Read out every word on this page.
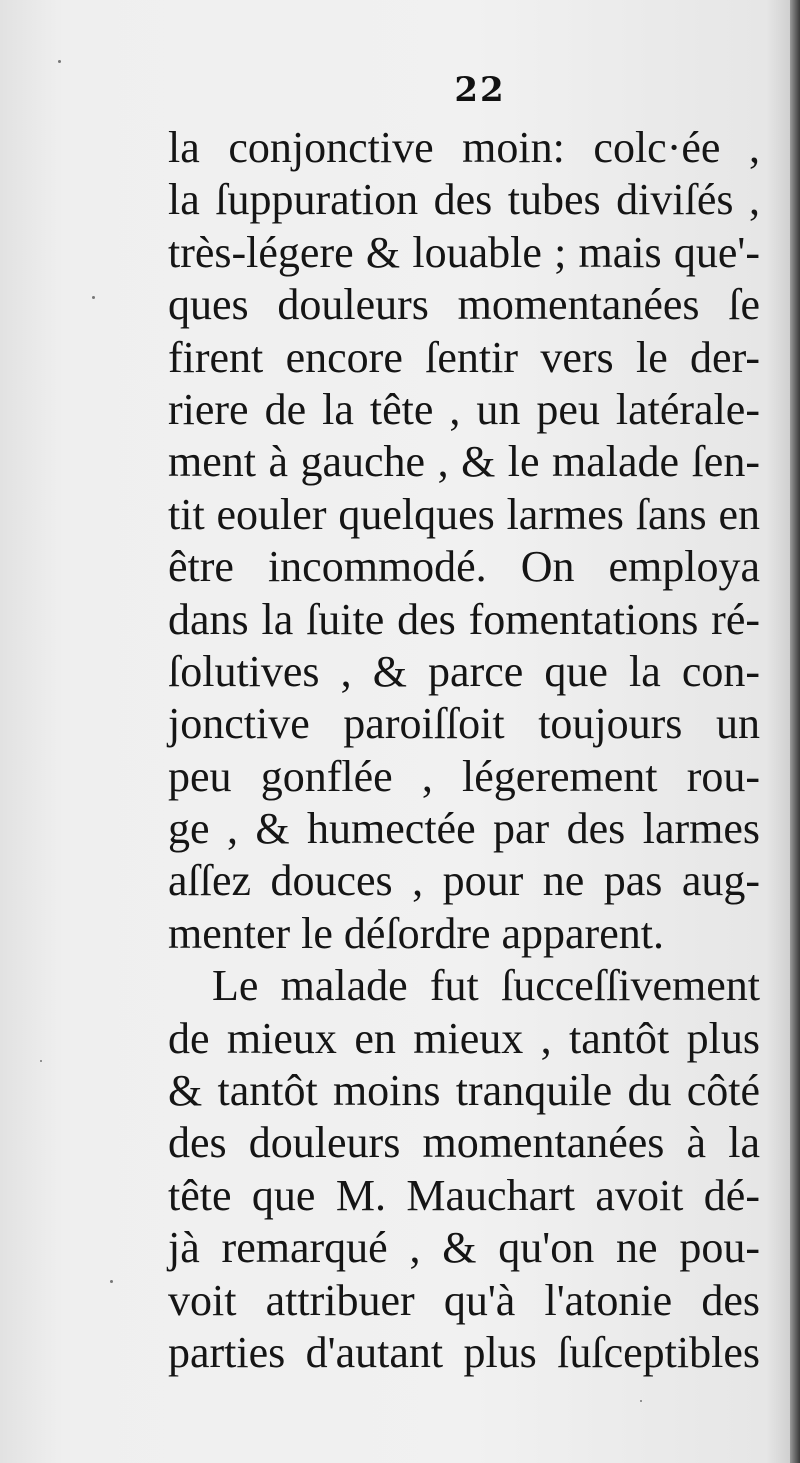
22
la conjonctive moin: colc·ée ,
la ſuppuration des tubes diviſés ,
très-légere & louable ; mais que'-
ques douleurs momentanées ſe
firent encore ſentir vers le der-
riere de la tête , un peu latérale-
ment à gauche , & le malade ſen-
tit eouler quelques larmes ſans en
être incommodé. On employa
dans la ſuite des fomentations ré-
ſolutives , & parce que la con-
jonctive paroiſſoit toujours un
peu gonflée , légerement rou-
ge , & humectée par des larmes
aſſez douces , pour ne pas aug-
menter le déſordre apparent.
Le malade fut ſucceſſivement
de mieux en mieux , tantôt plus
& tantôt moins tranquile du côté
des douleurs momentanées à la
tête que M. Mauchart avoit dé-
jà remarqué , & qu'on ne pou-
voit attribuer qu'à l'atonie des
parties d'autant plus ſuſceptibles
